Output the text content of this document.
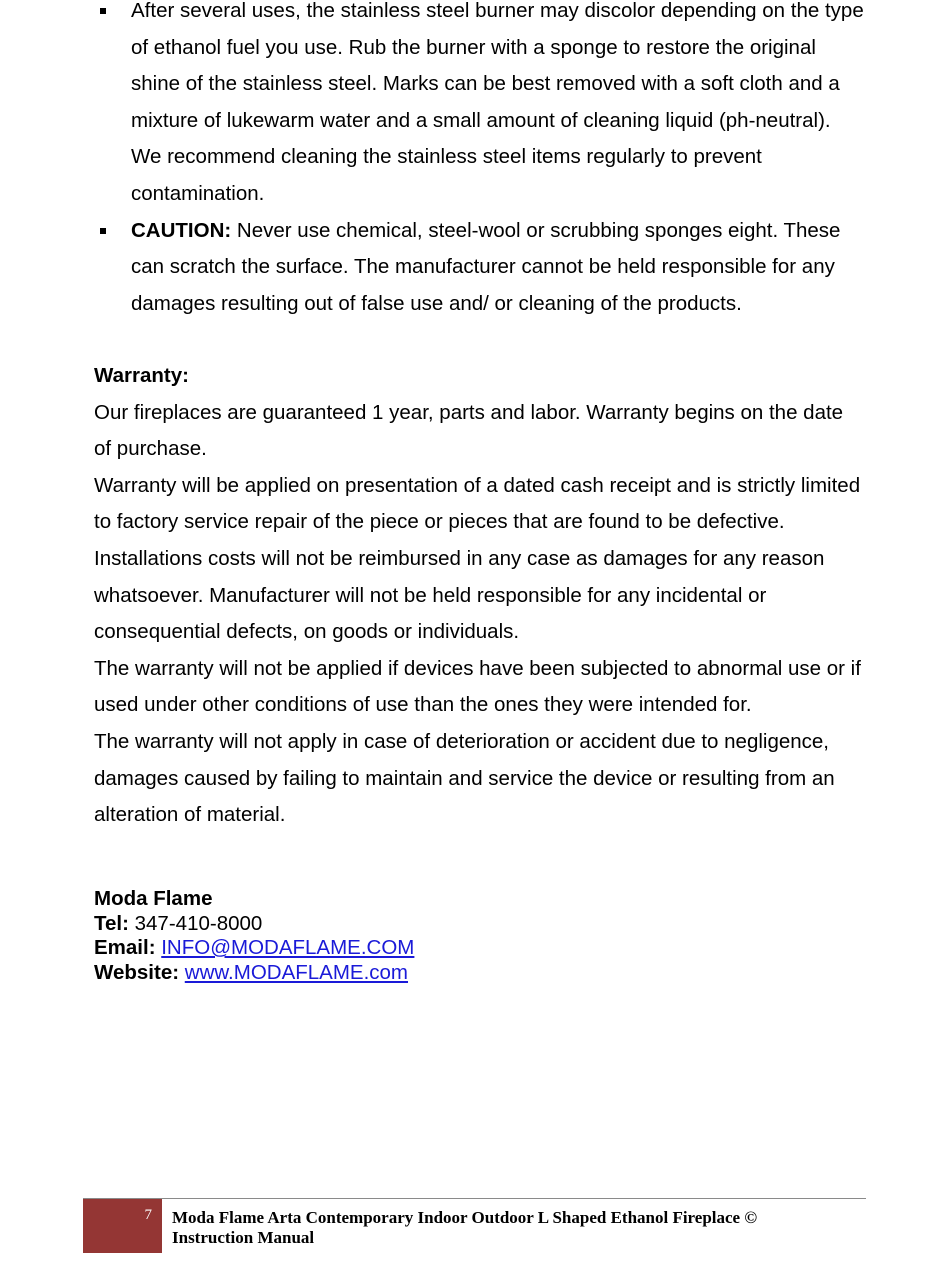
After several uses, the stainless steel burner may discolor depending on the type of ethanol fuel you use. Rub the burner with a sponge to restore the original shine of the stainless steel. Marks can be best removed with a soft cloth and a mixture of lukewarm water and a small amount of cleaning liquid (ph-neutral). We recommend cleaning the stainless steel items regularly to prevent contamination.
CAUTION: Never use chemical, steel-wool or scrubbing sponges eight. These can scratch the surface. The manufacturer cannot be held responsible for any damages resulting out of false use and/ or cleaning of the products.
Warranty:
Our fireplaces are guaranteed 1 year, parts and labor. Warranty begins on the date of purchase.
Warranty will be applied on presentation of a dated cash receipt and is strictly limited to factory service repair of the piece or pieces that are found to be defective. Installations costs will not be reimbursed in any case as damages for any reason whatsoever. Manufacturer will not be held responsible for any incidental or consequential defects, on goods or individuals.
The warranty will not be applied if devices have been subjected to abnormal use or if used under other conditions of use than the ones they were intended for.
The warranty will not apply in case of deterioration or accident due to negligence, damages caused by failing to maintain and service the device or resulting from an alteration of material.
Moda Flame
Tel: 347-410-8000
Email: INFO@MODAFLAME.COM
Website: www.MODAFLAME.com
7 Moda Flame Arta Contemporary Indoor Outdoor L Shaped Ethanol Fireplace ©
Instruction Manual
